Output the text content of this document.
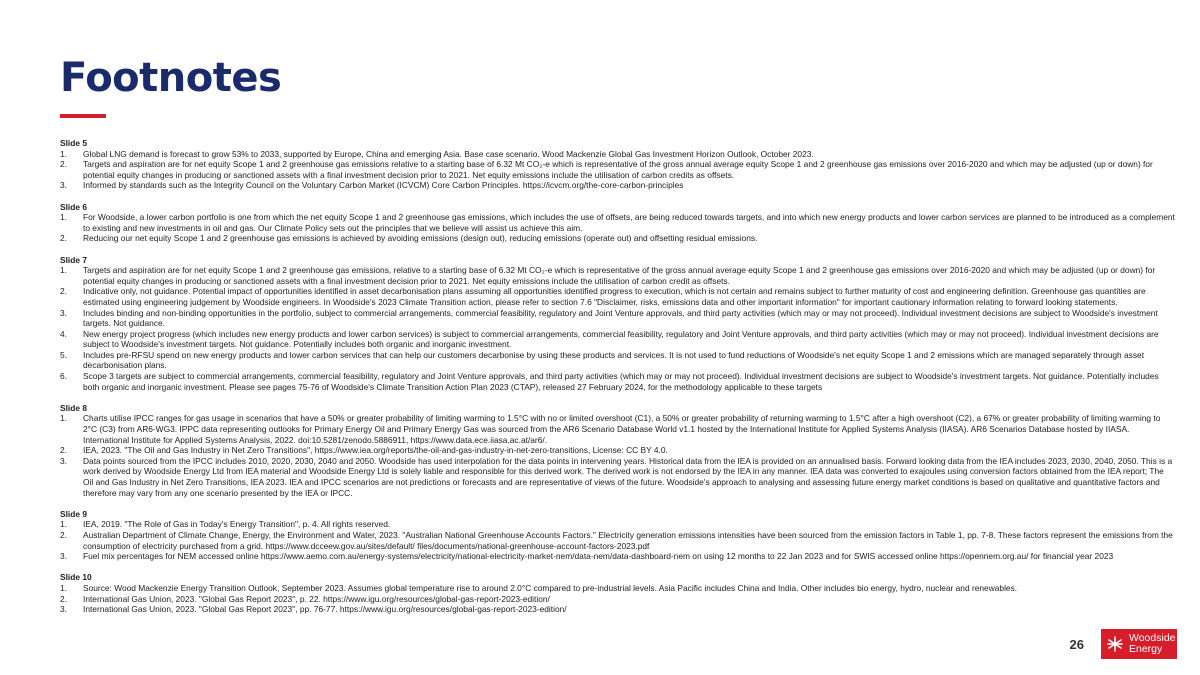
Footnotes
Slide 5
1.	Global LNG demand is forecast to grow 53% to 2033, supported by Europe, China and emerging Asia. Base case scenario. Wood Mackenzie Global Gas Investment Horizon Outlook, October 2023.
2.	Targets and aspiration are for net equity Scope 1 and 2 greenhouse gas emissions relative to a starting base of 6.32 Mt CO₂-e which is representative of the gross annual average equity Scope 1 and 2 greenhouse gas emissions over 2016-2020 and which may be adjusted (up or down) for potential equity changes in producing or sanctioned assets with a final investment decision prior to 2021. Net equity emissions include the utilisation of carbon credits as offsets.
3.	Informed by standards such as the Integrity Council on the Voluntary Carbon Market (ICVCM) Core Carbon Principles. https://icvcm.org/the-core-carbon-principles
Slide 6
1.	For Woodside, a lower carbon portfolio is one from which the net equity Scope 1 and 2 greenhouse gas emissions, which includes the use of offsets, are being reduced towards targets, and into which new energy products and lower carbon services are planned to be introduced as a complement to existing and new investments in oil and gas. Our Climate Policy sets out the principles that we believe will assist us achieve this aim.
2.	Reducing our net equity Scope 1 and 2 greenhouse gas emissions is achieved by avoiding emissions (design out), reducing emissions (operate out) and offsetting residual emissions.
Slide 7
1.	Targets and aspiration are for net equity Scope 1 and 2 greenhouse gas emissions, relative to a starting base of 6.32 Mt CO₂-e which is representative of the gross annual average equity Scope 1 and 2 greenhouse gas emissions over 2016-2020 and which may be adjusted (up or down) for potential equity changes in producing or sanctioned assets with a final investment decision prior to 2021. Net equity emissions include the utilisation of carbon credit as offsets.
2.	Indicative only, not guidance. Potential impact of opportunities identified in asset decarbonisation plans assuming all opportunities identified progress to execution, which is not certain and remains subject to further maturity of cost and engineering definition. Greenhouse gas quantities are estimated using engineering judgement by Woodside engineers. In Woodside's 2023 Climate Transition action, please refer to section 7.6 "Disclaimer, risks, emissions data and other important information" for important cautionary information relating to forward looking statements.
3.	Includes binding and non-binding opportunities in the portfolio, subject to commercial arrangements, commercial feasibility, regulatory and Joint Venture approvals, and third party activities (which may or may not proceed). Individual investment decisions are subject to Woodside's investment targets. Not guidance.
4.	New energy project progress (which includes new energy products and lower carbon services) is subject to commercial arrangements, commercial feasibility, regulatory and Joint Venture approvals, and third party activities (which may or may not proceed). Individual investment decisions are subject to Woodside's investment targets. Not guidance. Potentially includes both organic and inorganic investment.
5.	Includes pre-RFSU spend on new energy products and lower carbon services that can help our customers decarbonise by using these products and services. It is not used to fund reductions of Woodside's net equity Scope 1 and 2 emissions which are managed separately through asset decarbonisation plans.
6.	Scope 3 targets are subject to commercial arrangements, commercial feasibility, regulatory and Joint Venture approvals, and third party activities (which may or may not proceed). Individual investment decisions are subject to Woodside's investment targets. Not guidance. Potentially includes both organic and inorganic investment. Please see pages 75-76 of Woodside's Climate Transition Action Plan 2023 (CTAP), released 27 February 2024, for the methodology applicable to these targets
Slide 8
1.	Charts utilise IPCC ranges for gas usage in scenarios that have a 50% or greater probability of limiting warming to 1.5°C with no or limited overshoot (C1), a 50% or greater probability of returning warming to 1.5°C after a high overshoot (C2), a 67% or greater probability of limiting warming to 2°C (C3) from AR6-WG3. IPPC data representing outlooks for Primary Energy Oil and Primary Energy Gas was sourced from the AR6 Scenario Database World v1.1 hosted by the International Institute for Applied Systems Analysis (IIASA). AR6 Scenarios Database hosted by IIASA. International Institute for Applied Systems Analysis, 2022. doi:10.5281/zenodo.5886911, https://www.data.ece.iiasa.ac.at/ar6/.
2.	IEA, 2023. "The Oil and Gas Industry in Net Zero Transitions", https://www.iea.org/reports/the-oil-and-gas-industry-in-net-zero-transitions, License: CC BY 4.0.
3.	Data points sourced from the IPCC includes 2010, 2020, 2030, 2040 and 2050. Woodside has used interpolation for the data points in intervening years. Historical data from the IEA is provided on an annualised basis. Forward looking data from the IEA includes 2023, 2030, 2040, 2050. This is a work derived by Woodside Energy Ltd from IEA material and Woodside Energy Ltd is solely liable and responsible for this derived work. The derived work is not endorsed by the IEA in any manner. IEA data was converted to exajoules using conversion factors obtained from the IEA report; The Oil and Gas Industry in Net Zero Transitions, IEA 2023. IEA and IPCC scenarios are not predictions or forecasts and are representative of views of the future. Woodside's approach to analysing and assessing future energy market conditions is based on qualitative and quantitative factors and therefore may vary from any one scenario presented by the IEA or IPCC.
Slide 9
1.	IEA, 2019. "The Role of Gas in Today's Energy Transition", p. 4. All rights reserved.
2.	Australian Department of Climate Change, Energy, the Environment and Water, 2023. "Australian National Greenhouse Accounts Factors." Electricity generation emissions intensities have been sourced from the emission factors in Table 1, pp. 7-8. These factors represent the emissions from the consumption of electricity purchased from a grid. https://www.dcceew.gov.au/sites/default/ files/documents/national-greenhouse-account-factors-2023.pdf
3.	Fuel mix percentages for NEM accessed online https://www.aemo.com.au/energy-systems/electricity/national-electricity-market-nem/data-nem/data-dashboard-nem on using 12 months to 22 Jan 2023 and for SWIS accessed online https://opennem.org.au/ for financial year 2023
Slide 10
1.	Source: Wood Mackenzie Energy Transition Outlook, September 2023. Assumes global temperature rise to around 2.0°C compared to pre-industrial levels. Asia Pacific includes China and India. Other includes bio energy, hydro, nuclear and renewables.
2.	International Gas Union, 2023. "Global Gas Report 2023", p. 22. https://www.igu.org/resources/global-gas-report-2023-edition/
3.	International Gas Union, 2023. "Global Gas Report 2023", pp. 76-77. https://www.igu.org/resources/global-gas-report-2023-edition/
26	Woodside
Energy
